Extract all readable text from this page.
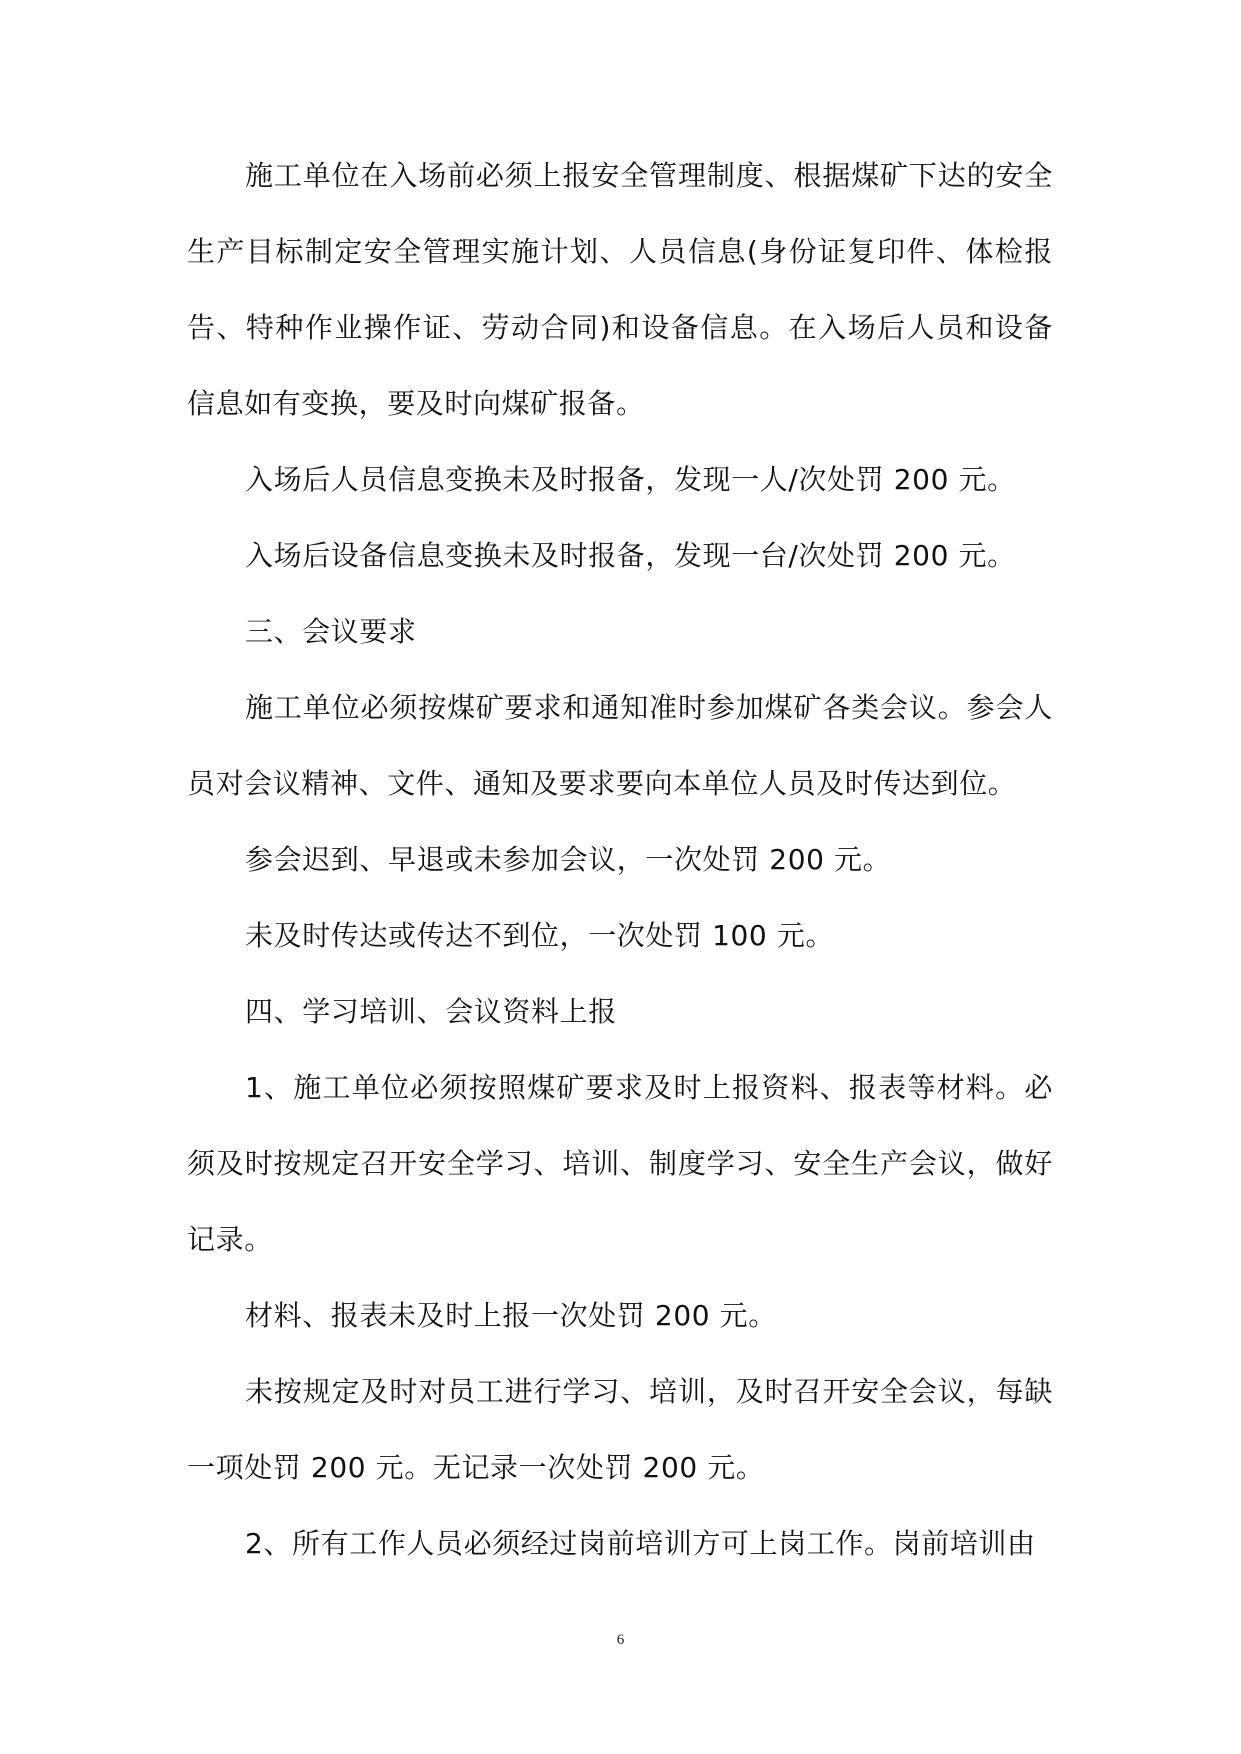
施工单位在入场前必须上报安全管理制度、根据煤矿下达的安全生产目标制定安全管理实施计划、人员信息(身份证复印件、体检报告、特种作业操作证、劳动合同)和设备信息。在入场后人员和设备信息如有变换，要及时向煤矿报备。

入场后人员信息变换未及时报备，发现一人/次处罚 200 元。

入场后设备信息变换未及时报备，发现一台/次处罚 200 元。

三、会议要求

施工单位必须按煤矿要求和通知准时参加煤矿各类会议。参会人员对会议精神、文件、通知及要求要向本单位人员及时传达到位。

参会迟到、早退或未参加会议，一次处罚 200 元。

未及时传达或传达不到位，一次处罚 100 元。

四、学习培训、会议资料上报

1、施工单位必须按照煤矿要求及时上报资料、报表等材料。必须及时按规定召开安全学习、培训、制度学习、安全生产会议，做好记录。

材料、报表未及时上报一次处罚 200 元。

未按规定及时对员工进行学习、培训，及时召开安全会议，每缺一项处罚 200 元。无记录一次处罚 200 元。

2、所有工作人员必须经过岗前培训方可上岗工作。岗前培训由

6
